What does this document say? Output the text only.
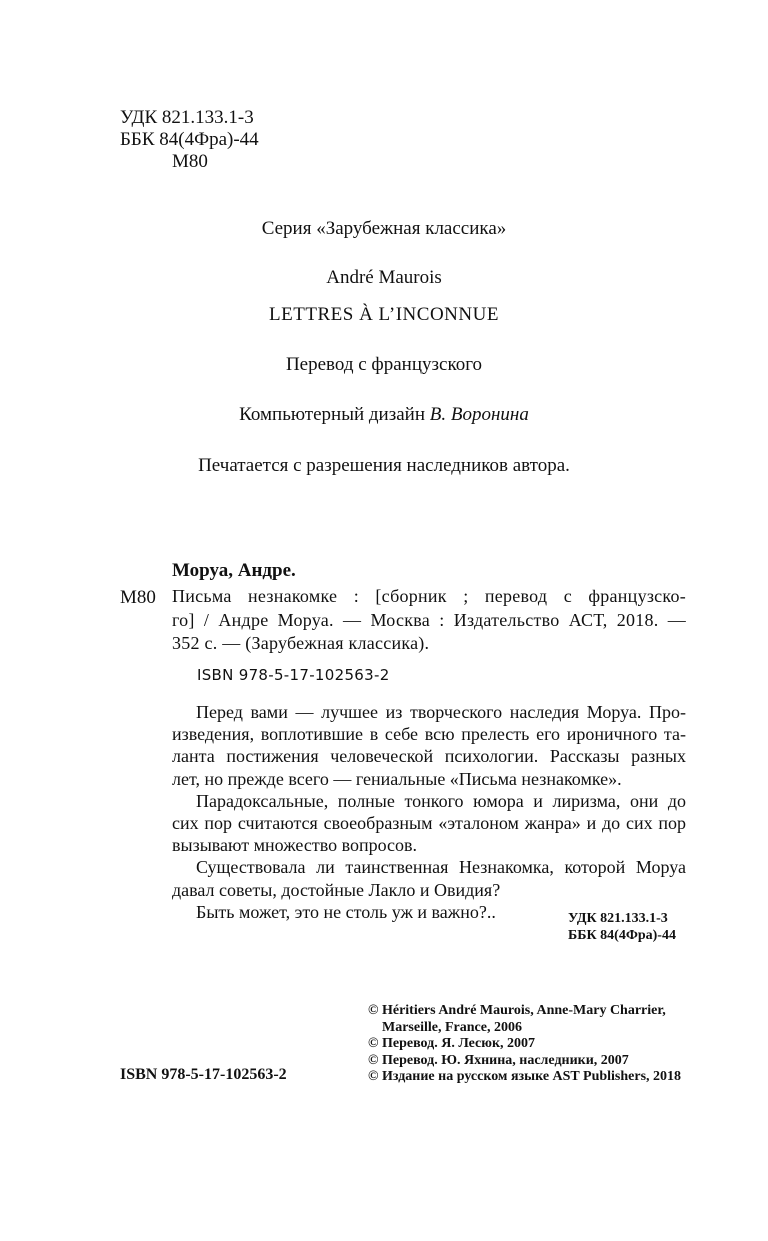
УДК 821.133.1-3
ББК 84(4Фра)-44
М80
Серия «Зарубежная классика»
André Maurois
LETTRES À L’INCONNUE
Перевод с французского
Компьютерный дизайн В. Воронина
Печатается с разрешения наследников автора.
Моруа, Андре.
М80 Письма незнакомке : [сборник ; перевод с французско-
го] / Андре Моруа. — Москва : Издательство АСТ, 2018. —
352 с. — (Зарубежная классика).
ISBN 978-5-17-102563-2
Перед вами — лучшее из творческого наследия Моруа. Про-
изведения, воплотившие в себе всю прелесть его ироничного та-
ланта постижения человеческой психологии. Рассказы разных
лет, но прежде всего — гениальные «Письма незнакомке».
Парадоксальные, полные тонкого юмора и лиризма, они до
сих пор считаются своеобразным «эталоном жанра» и до сих пор
вызывают множество вопросов.
Существовала ли таинственная Незнакомка, которой Моруа
давал советы, достойные Лакло и Овидия?
Быть может, это не столь уж и важно?..	УДК 821.133.1-3
ББК 84(4Фра)-44
© Héritiers André Maurois, Anne-Mary Charrier,
Marseille, France, 2006
© Перевод. Я. Лесюк, 2007
© Перевод. Ю. Яхнина, наследники, 2007
© Издание на русском языке AST Publishers, 2018
ISBN 978-5-17-102563-2
